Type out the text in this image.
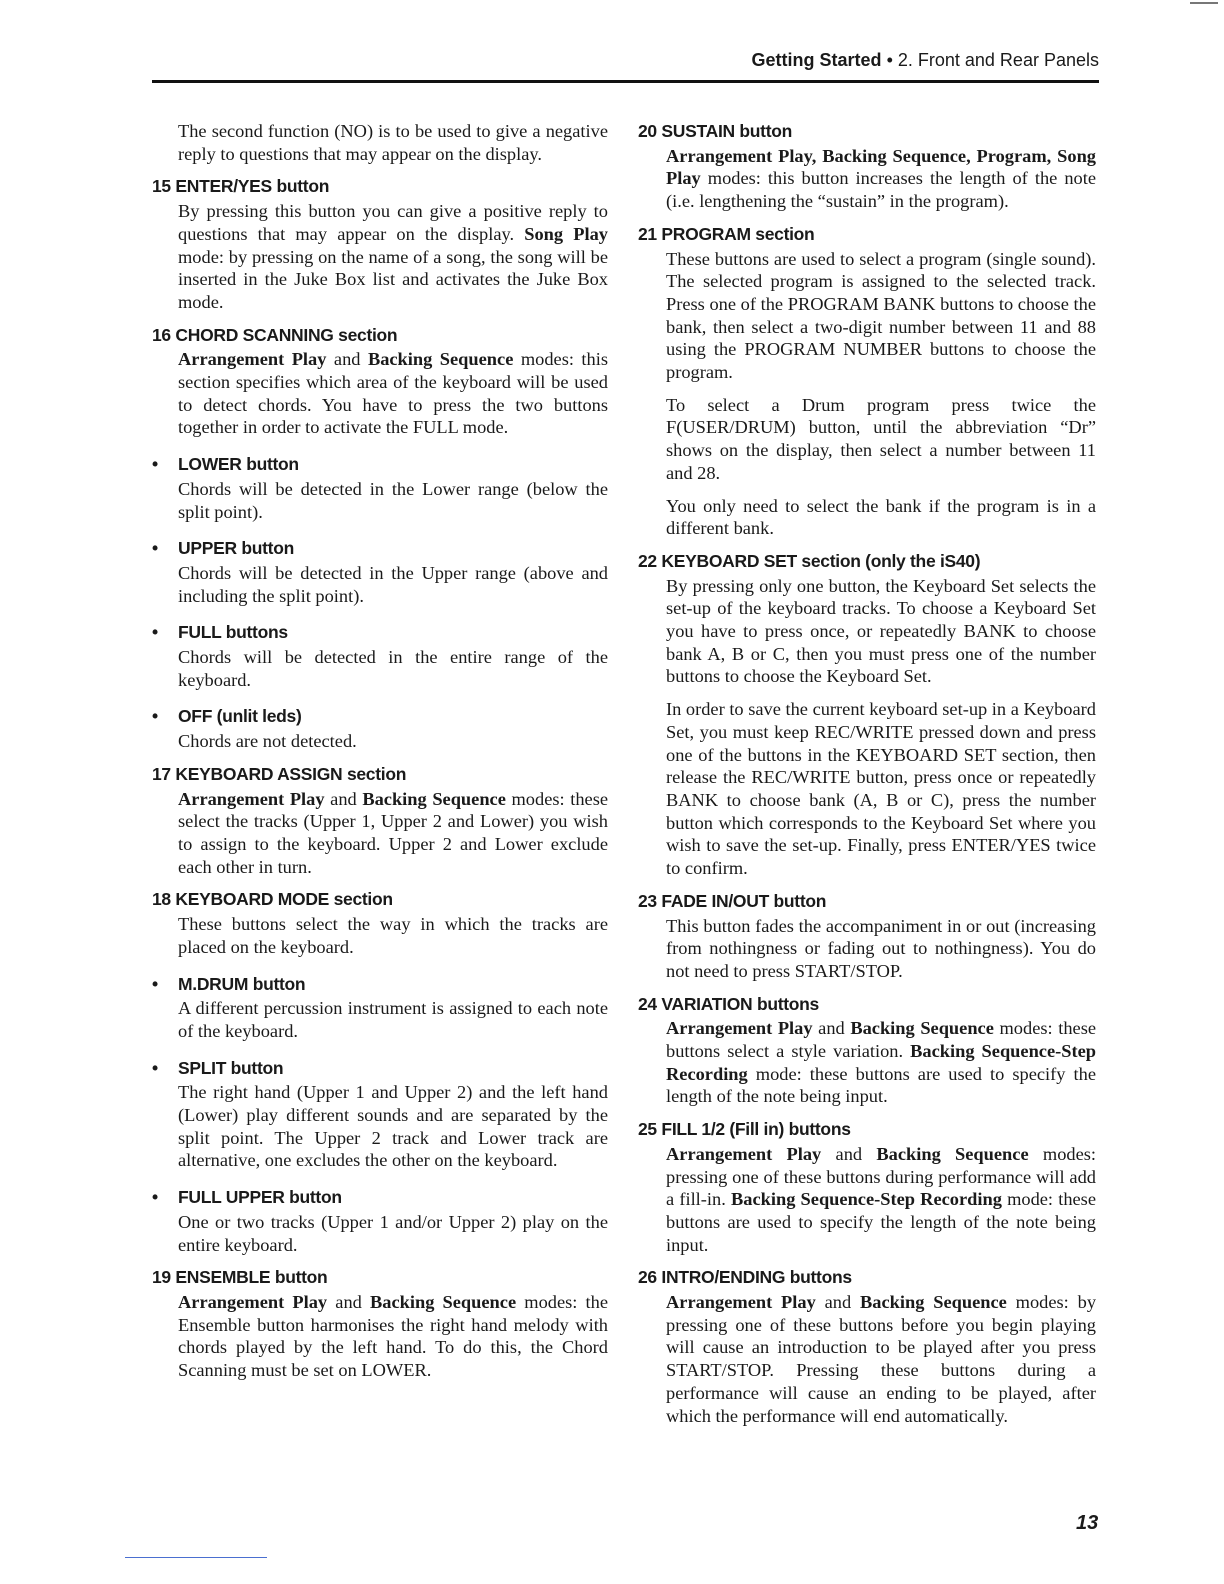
Getting Started • 2. Front and Rear Panels

The second function (NO) is to be used to give a negative reply to questions that may appear on the display.

15 ENTER/YES button

By pressing this button you can give a positive reply to questions that may appear on the display. Song Play mode: by pressing on the name of a song, the song will be inserted in the Juke Box list and activates the Juke Box mode.

16 CHORD SCANNING section

Arrangement Play and Backing Sequence modes: this section specifies which area of the keyboard will be used to detect chords. You have to press the two buttons together in order to activate the FULL mode.

• LOWER button

Chords will be detected in the Lower range (below the split point).

• UPPER button

Chords will be detected in the Upper range (above and including the split point).

• FULL buttons

Chords will be detected in the entire range of the keyboard.

• OFF (unlit leds)

Chords are not detected.

17 KEYBOARD ASSIGN section

Arrangement Play and Backing Sequence modes: these select the tracks (Upper 1, Upper 2 and Lower) you wish to assign to the keyboard. Upper 2 and Lower exclude each other in turn.

18 KEYBOARD MODE section

These buttons select the way in which the tracks are placed on the keyboard.

• M.DRUM button

A different percussion instrument is assigned to each note of the keyboard.

• SPLIT button

The right hand (Upper 1 and Upper 2) and the left hand (Lower) play different sounds and are separated by the split point. The Upper 2 track and Lower track are alternative, one excludes the other on the keyboard.

• FULL UPPER button

One or two tracks (Upper 1 and/or Upper 2) play on the entire keyboard.

19 ENSEMBLE button

Arrangement Play and Backing Sequence modes: the Ensemble button harmonises the right hand melody with chords played by the left hand. To do this, the Chord Scanning must be set on LOWER.

20 SUSTAIN button

Arrangement Play, Backing Sequence, Program, Song Play modes: this button increases the length of the note (i.e. lengthening the “sustain” in the program).

21 PROGRAM section

These buttons are used to select a program (single sound). The selected program is assigned to the selected track. Press one of the PROGRAM BANK buttons to choose the bank, then select a two-digit number between 11 and 88 using the PROGRAM NUMBER buttons to choose the program.

To select a Drum program press twice the F(USER/DRUM) button, until the abbreviation “Dr” shows on the display, then select a number between 11 and 28.

You only need to select the bank if the program is in a different bank.

22 KEYBOARD SET section (only the iS40)

By pressing only one button, the Keyboard Set selects the set-up of the keyboard tracks. To choose a Keyboard Set you have to press once, or repeatedly BANK to choose bank A, B or C, then you must press one of the number buttons to choose the Keyboard Set.

In order to save the current keyboard set-up in a Keyboard Set, you must keep REC/WRITE pressed down and press one of the buttons in the KEYBOARD SET section, then release the REC/WRITE button, press once or repeatedly BANK to choose bank (A, B or C), press the number button which corresponds to the Keyboard Set where you wish to save the set-up. Finally, press ENTER/YES twice to confirm.

23 FADE IN/OUT button

This button fades the accompaniment in or out (increasing from nothingness or fading out to nothingness). You do not need to press START/STOP.

24 VARIATION buttons

Arrangement Play and Backing Sequence modes: these buttons select a style variation. Backing Sequence-Step Recording mode: these buttons are used to specify the length of the note being input.

25 FILL 1/2 (Fill in) buttons

Arrangement Play and Backing Sequence modes: pressing one of these buttons during performance will add a fill-in. Backing Sequence-Step Recording mode: these buttons are used to specify the length of the note being input.

26 INTRO/ENDING buttons

Arrangement Play and Backing Sequence modes: by pressing one of these buttons before you begin playing will cause an introduction to be played after you press START/STOP. Pressing these buttons during a performance will cause an ending to be played, after which the performance will end automatically.

13
